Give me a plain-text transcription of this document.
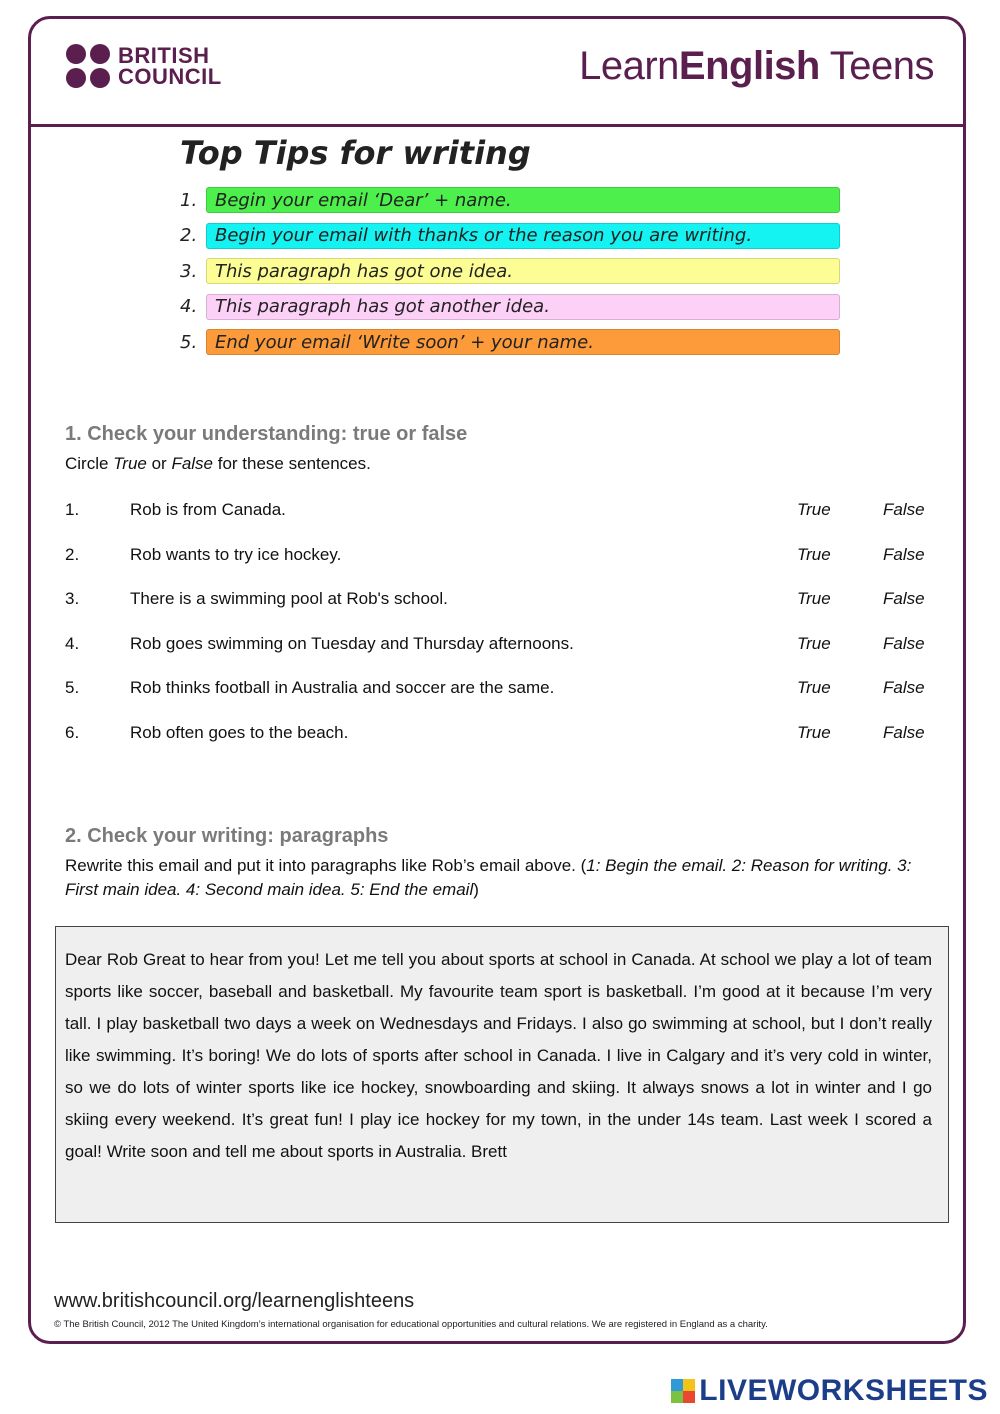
BRITISH
COUNCIL	LearnEnglish Teens
Top Tips for writing
1. Begin your email ‘Dear’ + name.
2. Begin your email with thanks or the reason you are writing.
3. This paragraph has got one idea.
4. This paragraph has got another idea.
5. End your email ‘Write soon’ + your name.
1. Check your understanding: true or false

Circle True or False for these sentences.

1.	Rob is from Canada.	True	False
2.	Rob wants to try ice hockey.	True	False
3.	There is a swimming pool at Rob's school.	True	False
4.	Rob goes swimming on Tuesday and Thursday afternoons.	True	False
5.	Rob thinks football in Australia and soccer are the same.	True	False
6.	Rob often goes to the beach.	True	False
2. Check your writing: paragraphs

Rewrite this email and put it into paragraphs like Rob’s email above. (1: Begin the email. 2: Reason for writing. 3: First main idea. 4: Second main idea. 5: End the email)

Dear Rob Great to hear from you! Let me tell you about sports at school in Canada. At school we play a lot of team sports like soccer, baseball and basketball. My favourite team sport is basketball. I’m good at it because I’m very tall. I play basketball two days a week on Wednesdays and Fridays. I also go swimming at school, but I don’t really like swimming. It’s boring! We do lots of sports after school in Canada. I live in Calgary and it’s very cold in winter, so we do lots of winter sports like ice hockey, snowboarding and skiing. It always snows a lot in winter and I go skiing every weekend. It’s great fun! I play ice hockey for my town, in the under 14s team. Last week I scored a goal! Write soon and tell me about sports in Australia. Brett
www.britishcouncil.org/learnenglishteens
© The British Council, 2012 The United Kingdom’s international organisation for educational opportunities and cultural relations. We are registered in England as a charity.
LIVEWORKSHEETS
